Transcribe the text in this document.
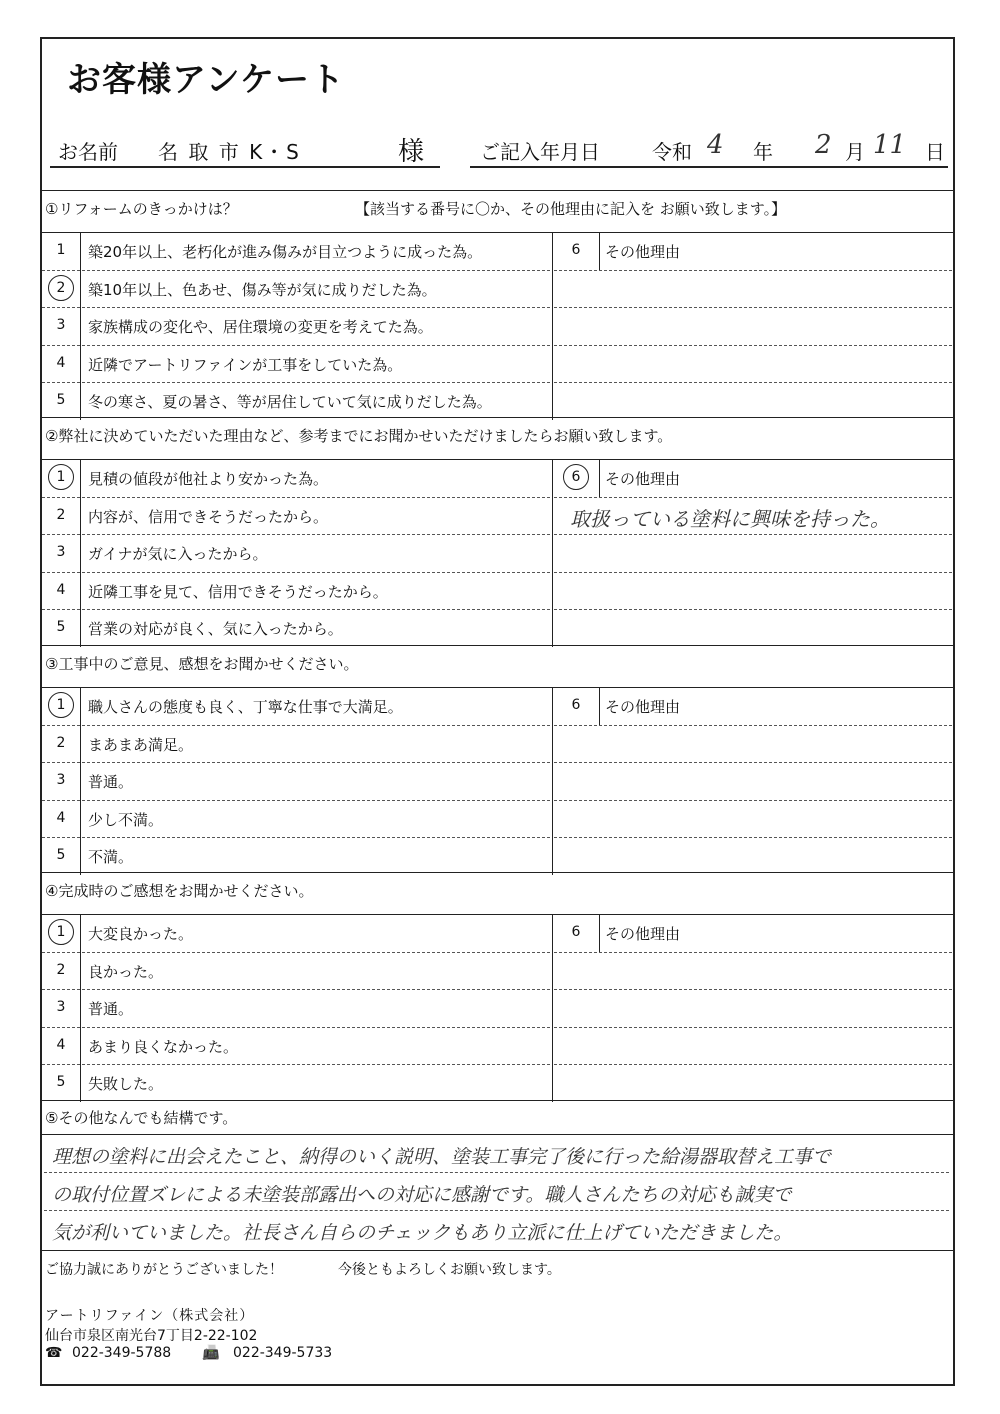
お客様アンケート
お名前 名 取 市 K・S	様	ご記入年月日	令和 4 年 2 月 11 日
①リフォームのきっかけは？	【該当する番号に〇か、その他理由に記入を お願い致します。】
1	築20年以上、老朽化が進み傷みが目立つように成った為。
2	築10年以上、色あせ、傷み等が気に成りだした為。
3	家族構成の変化や、居住環境の変更を考えてた為。
4	近隣でアートリファインが工事をしていた為。
5	冬の寒さ、夏の暑さ、等が居住していて気に成りだした為。
6	その他理由
②弊社に決めていただいた理由など、参考までにお聞かせいただけましたらお願い致します。
1	見積の値段が他社より安かった為。
2	内容が、信用できそうだったから。
3	ガイナが気に入ったから。
4	近隣工事を見て、信用できそうだったから。
5	営業の対応が良く、気に入ったから。
6	その他理由
取扱っている塗料に興味を持った。
③工事中のご意見、感想をお聞かせください。
1	職人さんの態度も良く、丁寧な仕事で大満足。
2	まあまあ満足。
3	普通。
4	少し不満。
5	不満。
6	その他理由
④完成時のご感想をお聞かせください。
1	大変良かった。
2	良かった。
3	普通。
4	あまり良くなかった。
5	失敗した。
6	その他理由
⑤その他なんでも結構です。
理想の塗料に出会えたこと、納得のいく説明、塗装工事完了後に行った給湯器取替え工事で
の取付位置ズレによる未塗装部露出への対応に感謝です。職人さんたちの対応も誠実で
気が利いていました。社長さん自らのチェックもあり立派に仕上げていただきました。
ご協力誠にありがとうございました！	今後ともよろしくお願い致します。
アートリファイン（株式会社）
仙台市泉区南光台7丁目2-22-102
☎ 022-349-5788 📠 022-349-5733
